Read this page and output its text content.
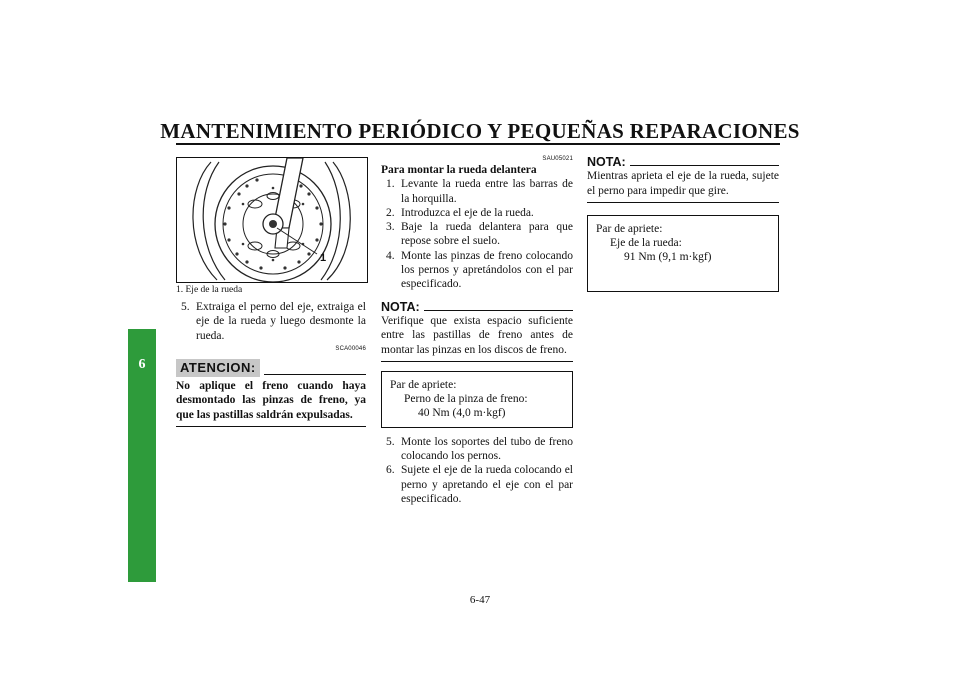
MANTENIMIENTO PERIÓDICO Y PEQUEÑAS REPARACIONES
6
1

1. Eje de la rueda

5. Extraiga el perno del eje, extraiga el eje de la rueda y luego desmonte la rueda.
SCA00046
ATENCION:

No aplique el freno cuando haya desmontado las pinzas de freno, ya que las pastillas saldrán expulsadas.

SAU05021

Para montar la rueda delantera

1. Levante la rueda entre las barras de la horquilla.
2. Introduzca el eje de la rueda.
3. Baje la rueda delantera para que repose sobre el suelo.
4. Monte las pinzas de freno colocando los pernos y apretándolos con el par especificado.
NOTA:

Verifique que exista espacio suficiente entre las pastillas de freno antes de montar las pinzas en los discos de freno.

Par de apriete:

Perno de la pinza de freno:

40 Nm (4,0 m·kgf)

5. Monte los soportes del tubo de freno colocando los pernos.
6. Sujete el eje de la rueda colocando el perno y apretando el eje con el par especificado.
NOTA:

Mientras aprieta el eje de la rueda, sujete el perno para impedir que gire.

Par de apriete:

Eje de la rueda:

91 Nm (9,1 m·kgf)

6-47
